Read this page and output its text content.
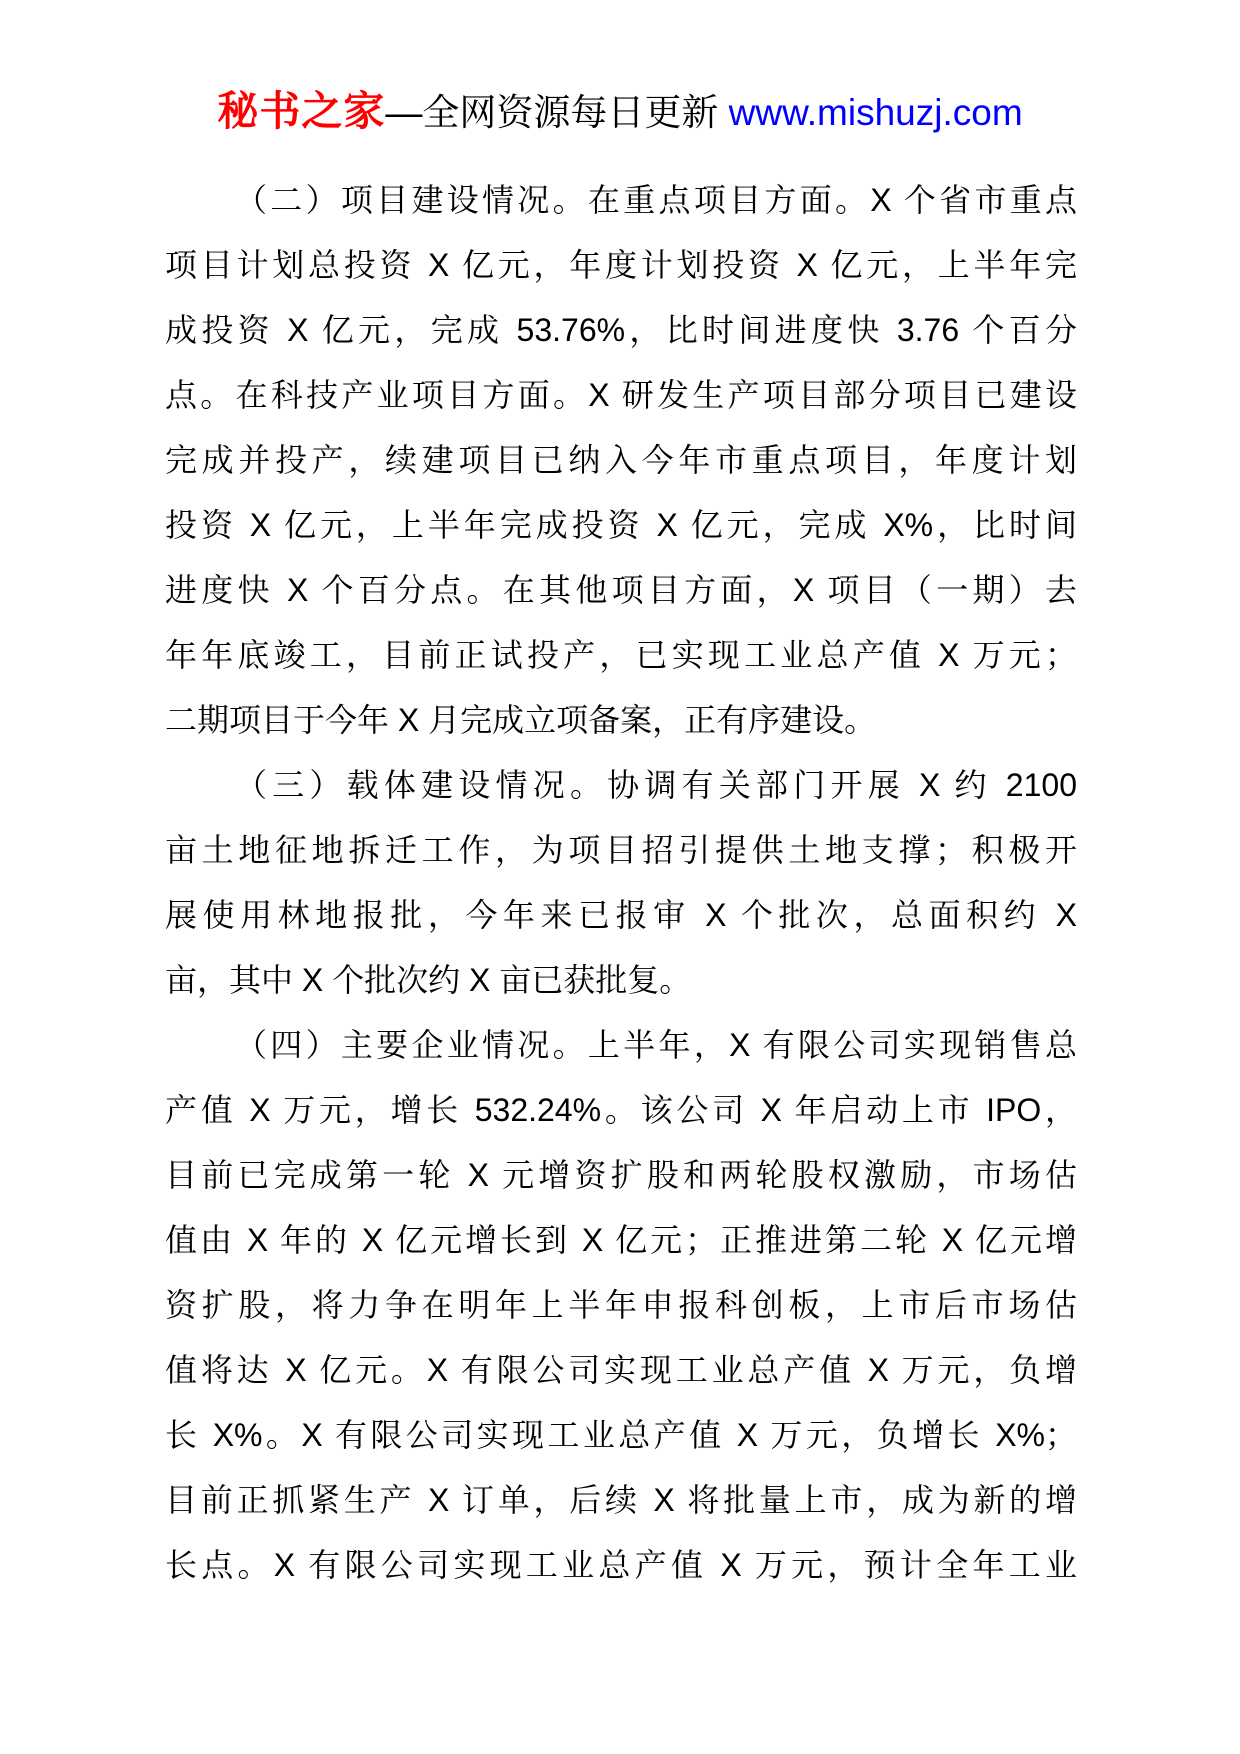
秘书之家—全网资源每日更新 www.mishuzj.com
（二）项目建设情况。在重点项目方面。X 个省市重点
项目计划总投资 X 亿元，年度计划投资 X 亿元，上半年完
成投资 X 亿元，完成 53.76%，比时间进度快 3.76 个百分
点。在科技产业项目方面。X 研发生产项目部分项目已建设
完成并投产，续建项目已纳入今年市重点项目，年度计划
投资 X 亿元，上半年完成投资 X 亿元，完成 X%，比时间
进度快 X 个百分点。在其他项目方面，X 项目（一期）去
年年底竣工，目前正试投产，已实现工业总产值 X 万元；
二期项目于今年 X 月完成立项备案，正有序建设。
（三）载体建设情况。协调有关部门开展 X 约 2100
亩土地征地拆迁工作，为项目招引提供土地支撑；积极开
展使用林地报批，今年来已报审 X 个批次，总面积约 X
亩，其中 X 个批次约 X 亩已获批复。
（四）主要企业情况。上半年，X 有限公司实现销售总
产值 X 万元，增长 532.24%。该公司 X 年启动上市 IPO，
目前已完成第一轮 X 元增资扩股和两轮股权激励，市场估
值由 X 年的 X 亿元增长到 X 亿元；正推进第二轮 X 亿元增
资扩股，将力争在明年上半年申报科创板，上市后市场估
值将达 X 亿元。X 有限公司实现工业总产值 X 万元，负增
长 X%。X 有限公司实现工业总产值 X 万元，负增长 X%；
目前正抓紧生产 X 订单，后续 X 将批量上市，成为新的增
长点。X 有限公司实现工业总产值 X 万元，预计全年工业
